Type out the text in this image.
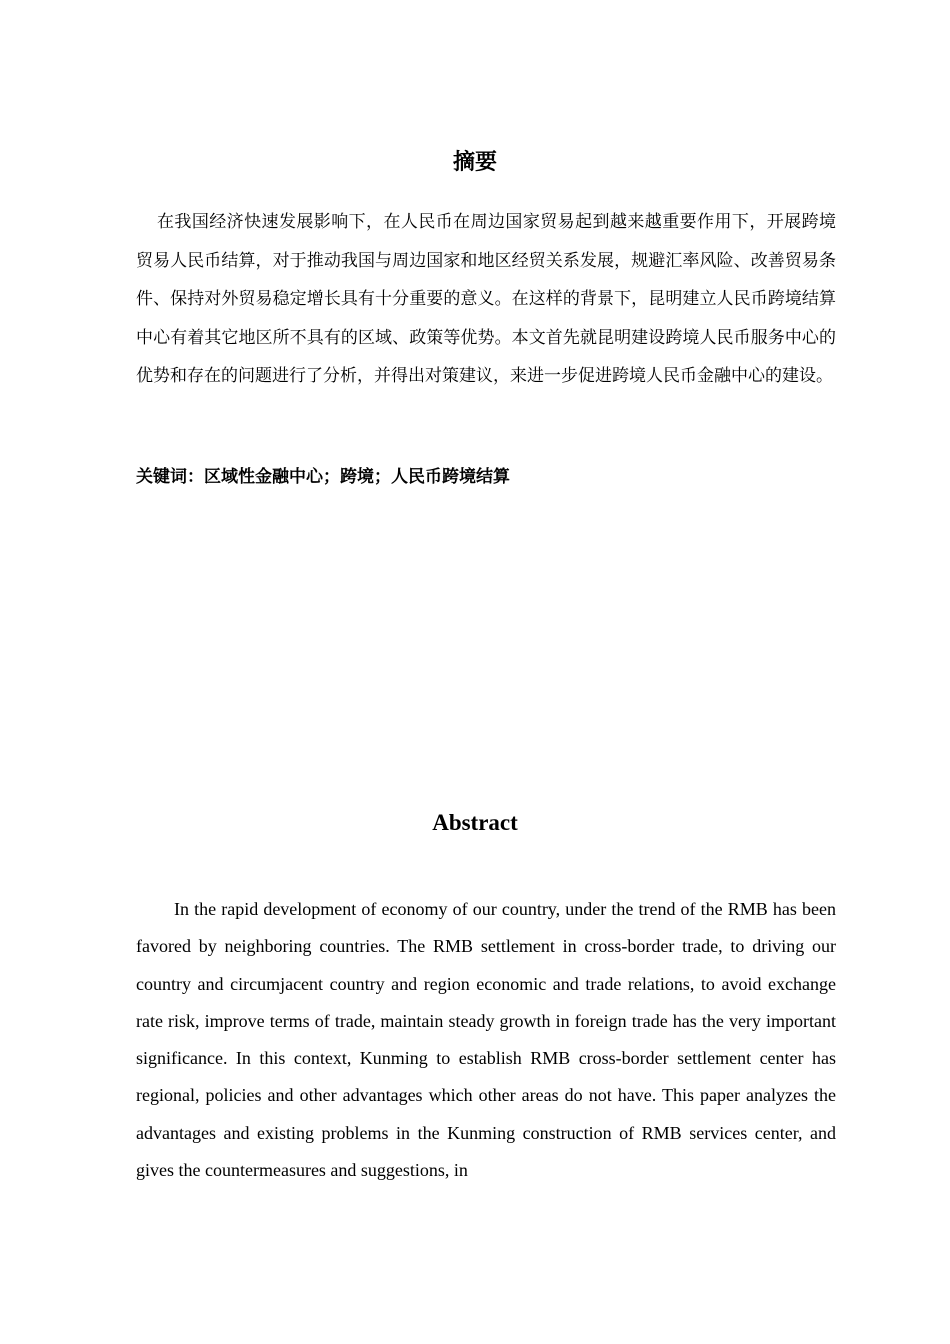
摘要

在我国经济快速发展影响下，在人民币在周边国家贸易起到越来越重要作用下，开展跨境贸易人民币结算，对于推动我国与周边国家和地区经贸关系发展，规避汇率风险、改善贸易条件、保持对外贸易稳定增长具有十分重要的意义。在这样的背景下，昆明建立人民币跨境结算中心有着其它地区所不具有的区域、政策等优势。本文首先就昆明建设跨境人民币服务中心的优势和存在的问题进行了分析，并得出对策建议，来进一步促进跨境人民币金融中心的建设。

关键词：区域性金融中心；跨境；人民币跨境结算

Abstract

In the rapid development of economy of our country, under the trend of the RMB has been favored by neighboring countries. The RMB settlement in cross-border trade, to driving our country and circumjacent country and region economic and trade relations, to avoid exchange rate risk, improve terms of trade, maintain steady growth in foreign trade has the very important significance. In this context, Kunming to establish RMB cross-border settlement center has regional, policies and other advantages which other areas do not have. This paper analyzes the advantages and existing problems in the Kunming construction of RMB services center, and gives the countermeasures and suggestions, in
